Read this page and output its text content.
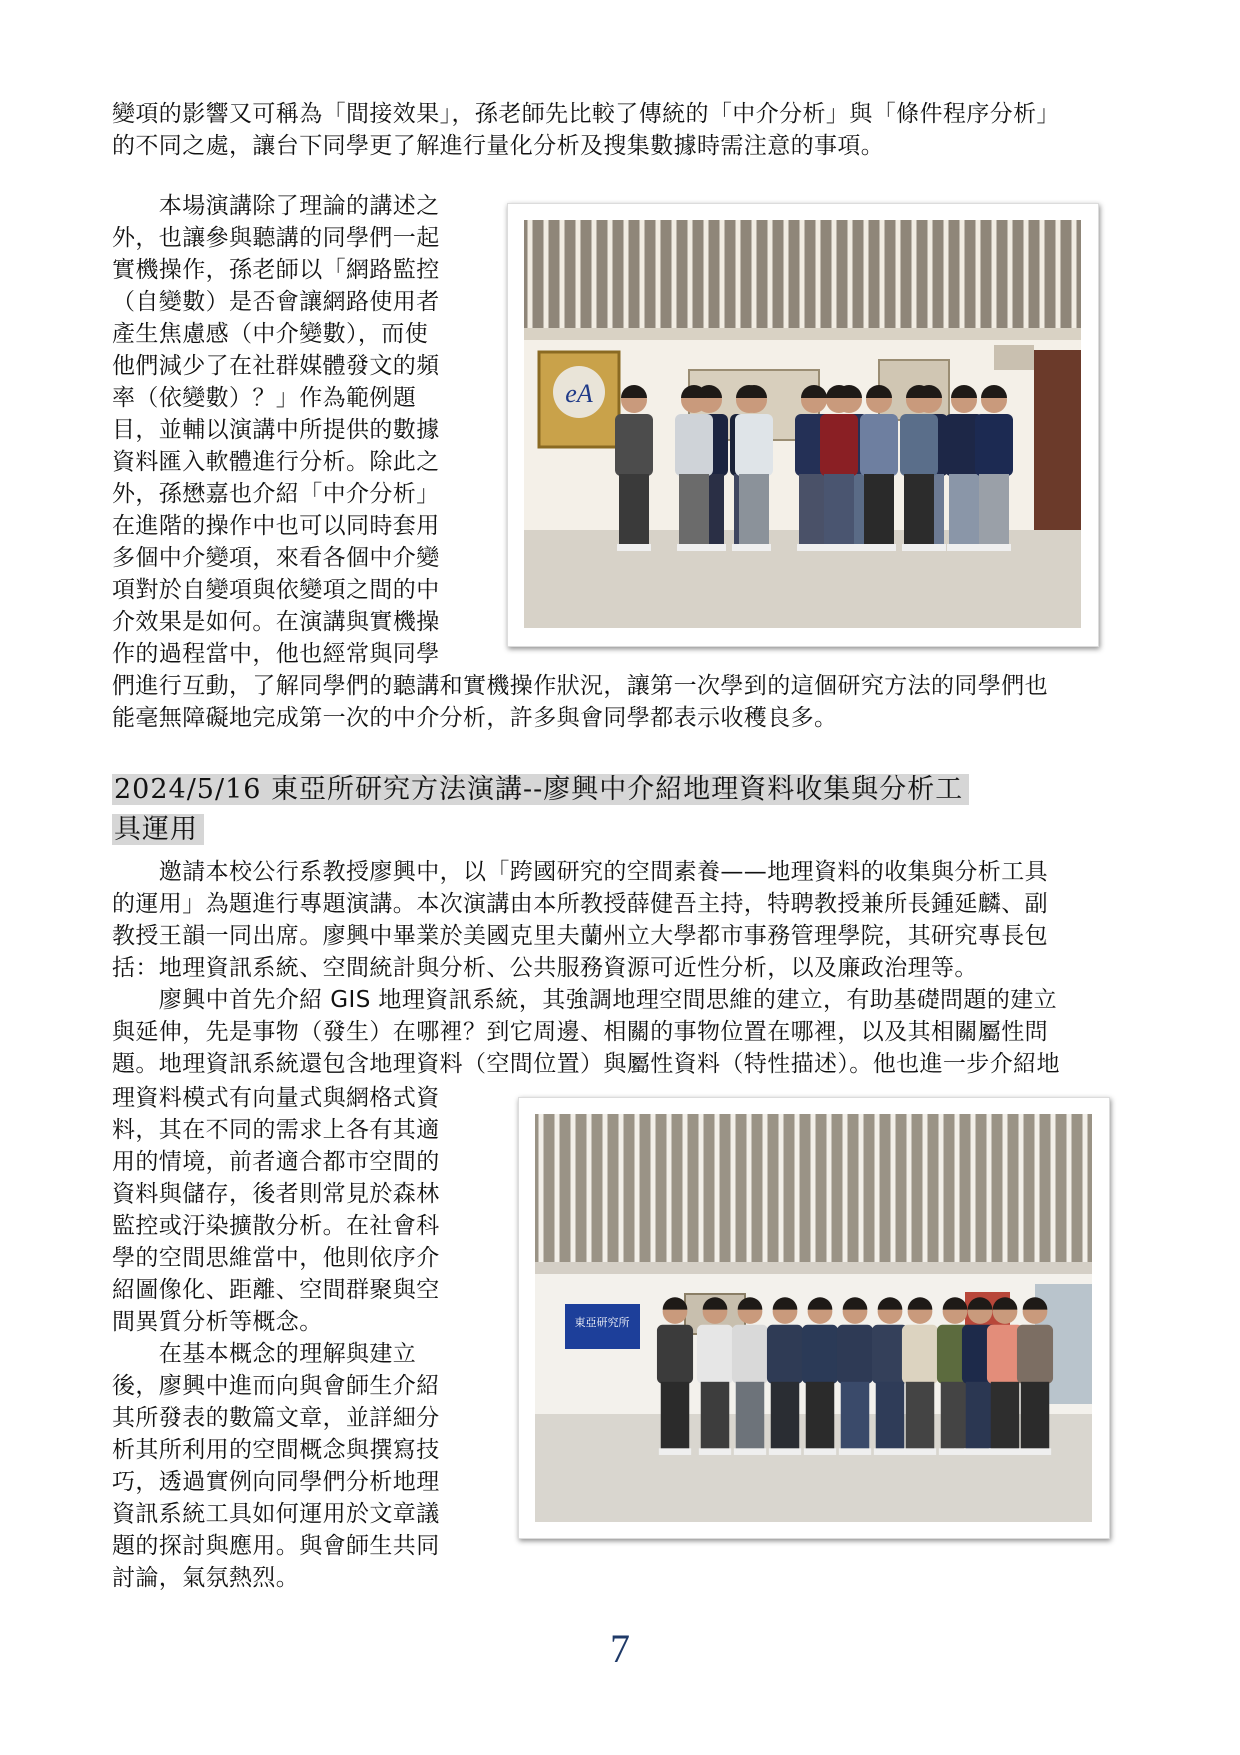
變項的影響又可稱為「間接效果」，孫老師先比較了傳統的「中介分析」與「條件程序分析」

的不同之處，讓台下同學更了解進行量化分析及搜集數據時需注意的事項。

　　本場演講除了理論的講述之

外，也讓參與聽講的同學們一起

實機操作，孫老師以「網路監控

（自變數）是否會讓網路使用者

產生焦慮感（中介變數），而使

他們減少了在社群媒體發文的頻

率（依變數）？」作為範例題

目，並輔以演講中所提供的數據

資料匯入軟體進行分析。除此之

外，孫懋嘉也介紹「中介分析」

在進階的操作中也可以同時套用

多個中介變項，來看各個中介變

項對於自變項與依變項之間的中

介效果是如何。在演講與實機操

作的過程當中，他也經常與同學

eA

們進行互動，了解同學們的聽講和實機操作狀況，讓第一次學到的這個研究方法的同學們也

能毫無障礙地完成第一次的中介分析，許多與會同學都表示收穫良多。

2024/5/16 東亞所研究方法演講--廖興中介紹地理資料收集與分析工
具運用

　　邀請本校公行系教授廖興中，以「跨國研究的空間素養——地理資料的收集與分析工具

的運用」為題進行專題演講。本次演講由本所教授薛健吾主持，特聘教授兼所長鍾延麟、副

教授王韻一同出席。廖興中畢業於美國克里夫蘭州立大學都市事務管理學院，其研究專長包

括：地理資訊系統、空間統計與分析、公共服務資源可近性分析，以及廉政治理等。

　　廖興中首先介紹 GIS 地理資訊系統，其強調地理空間思維的建立，有助基礎問題的建立

與延伸，先是事物（發生）在哪裡？到它周邊、相關的事物位置在哪裡，以及其相關屬性問

題。地理資訊系統還包含地理資料（空間位置）與屬性資料（特性描述）。他也進一步介紹地

理資料模式有向量式與網格式資

料，其在不同的需求上各有其適

用的情境，前者適合都市空間的

資料與儲存，後者則常見於森林

監控或汙染擴散分析。在社會科

學的空間思維當中，他則依序介

紹圖像化、距離、空間群聚與空

間異質分析等概念。

　　在基本概念的理解與建立

後，廖興中進而向與會師生介紹

其所發表的數篇文章，並詳細分

析其所利用的空間概念與撰寫技

巧，透過實例向同學們分析地理

資訊系統工具如何運用於文章議

題的探討與應用。與會師生共同

討論，氣氛熱烈。

東亞研究所
7
